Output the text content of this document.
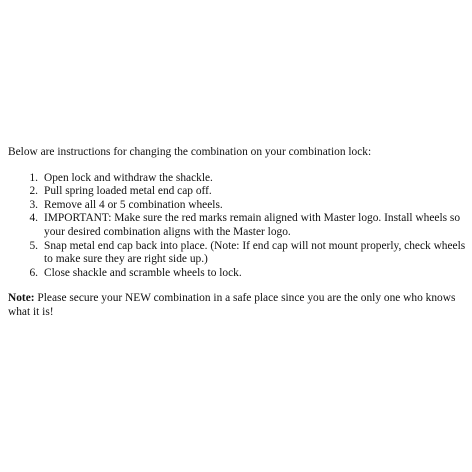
Below are instructions for changing the combination on your combination lock:

1. Open lock and withdraw the shackle.
2. Pull spring loaded metal end cap off.
3. Remove all 4 or 5 combination wheels.
4. IMPORTANT: Make sure the red marks remain aligned with Master logo. Install wheels so your desired combination aligns with the Master logo.
5. Snap metal end cap back into place. (Note: If end cap will not mount properly, check wheels to make sure they are right side up.)
6. Close shackle and scramble wheels to lock.

Note: Please secure your NEW combination in a safe place since you are the only one who knows what it is!
